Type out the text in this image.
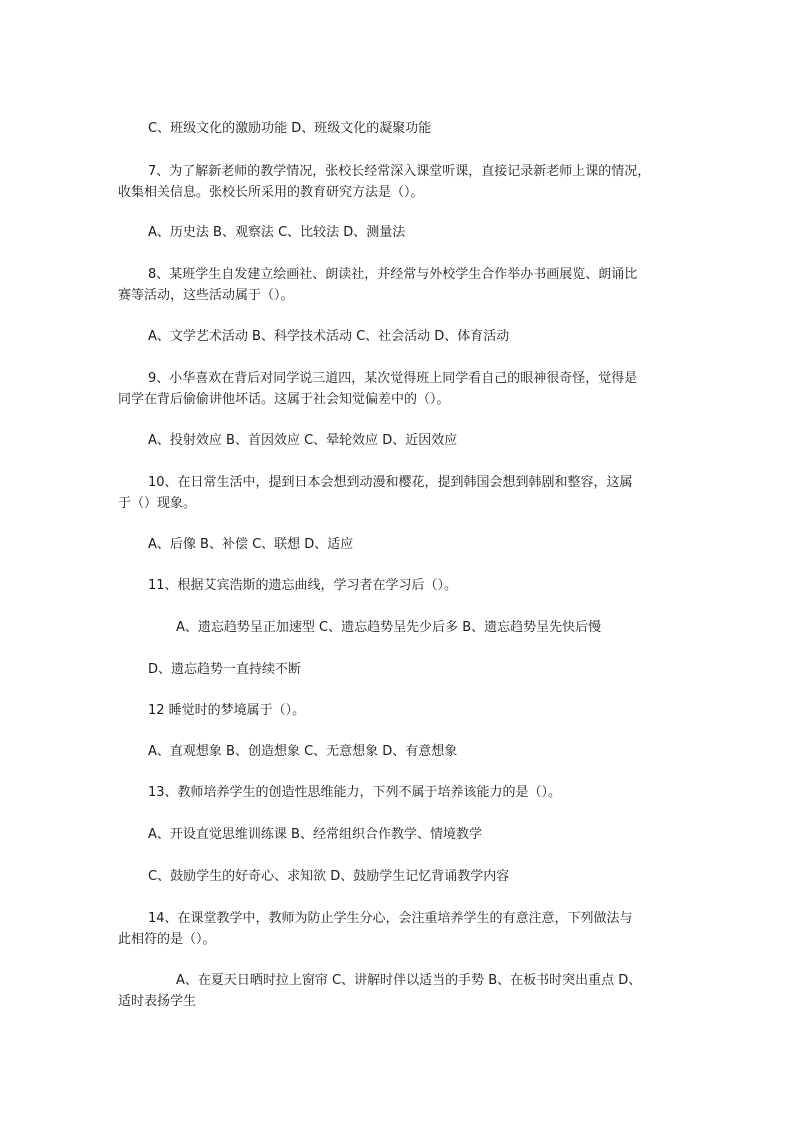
C、班级文化的激励功能 D、班级文化的凝聚功能
7、为了解新老师的教学情况，张校长经常深入课堂听课，直接记录新老师上课的情况，
收集相关信息。张校长所采用的教育研究方法是（）。
A、历史法 B、观察法 C、比较法 D、测量法
8、某班学生自发建立绘画社、朗读社，并经常与外校学生合作举办书画展览、朗诵比
赛等活动，这些活动属于（）。
A、文学艺术活动 B、科学技术活动 C、社会活动 D、体育活动
9、小华喜欢在背后对同学说三道四，某次觉得班上同学看自己的眼神很奇怪，觉得是
同学在背后偷偷讲他坏话。这属于社会知觉偏差中的（）。
A、投射效应 B、首因效应 C、晕轮效应 D、近因效应
10、在日常生活中，提到日本会想到动漫和樱花，提到韩国会想到韩剧和整容，这属
于（）现象。
A、后像 B、补偿 C、联想 D、适应
11、根据艾宾浩斯的遗忘曲线，学习者在学习后（）。
A、遗忘趋势呈正加速型 C、遗忘趋势呈先少后多 B、遗忘趋势呈先快后慢
D、遗忘趋势一直持续不断
12 睡觉时的梦境属于（）。
A、直观想象 B、创造想象 C、无意想象 D、有意想象
13、教师培养学生的创造性思维能力，下列不属于培养该能力的是（）。
A、开设直觉思维训练课 B、经常组织合作教学、情境教学
C、鼓励学生的好奇心、求知欲 D、鼓励学生记忆背诵教学内容
14、在课堂教学中，教师为防止学生分心，会注重培养学生的有意注意，下列做法与
此相符的是（）。
A、在夏天日晒时拉上窗帘 C、讲解时伴以适当的手势 B、在板书时突出重点 D、
适时表扬学生
